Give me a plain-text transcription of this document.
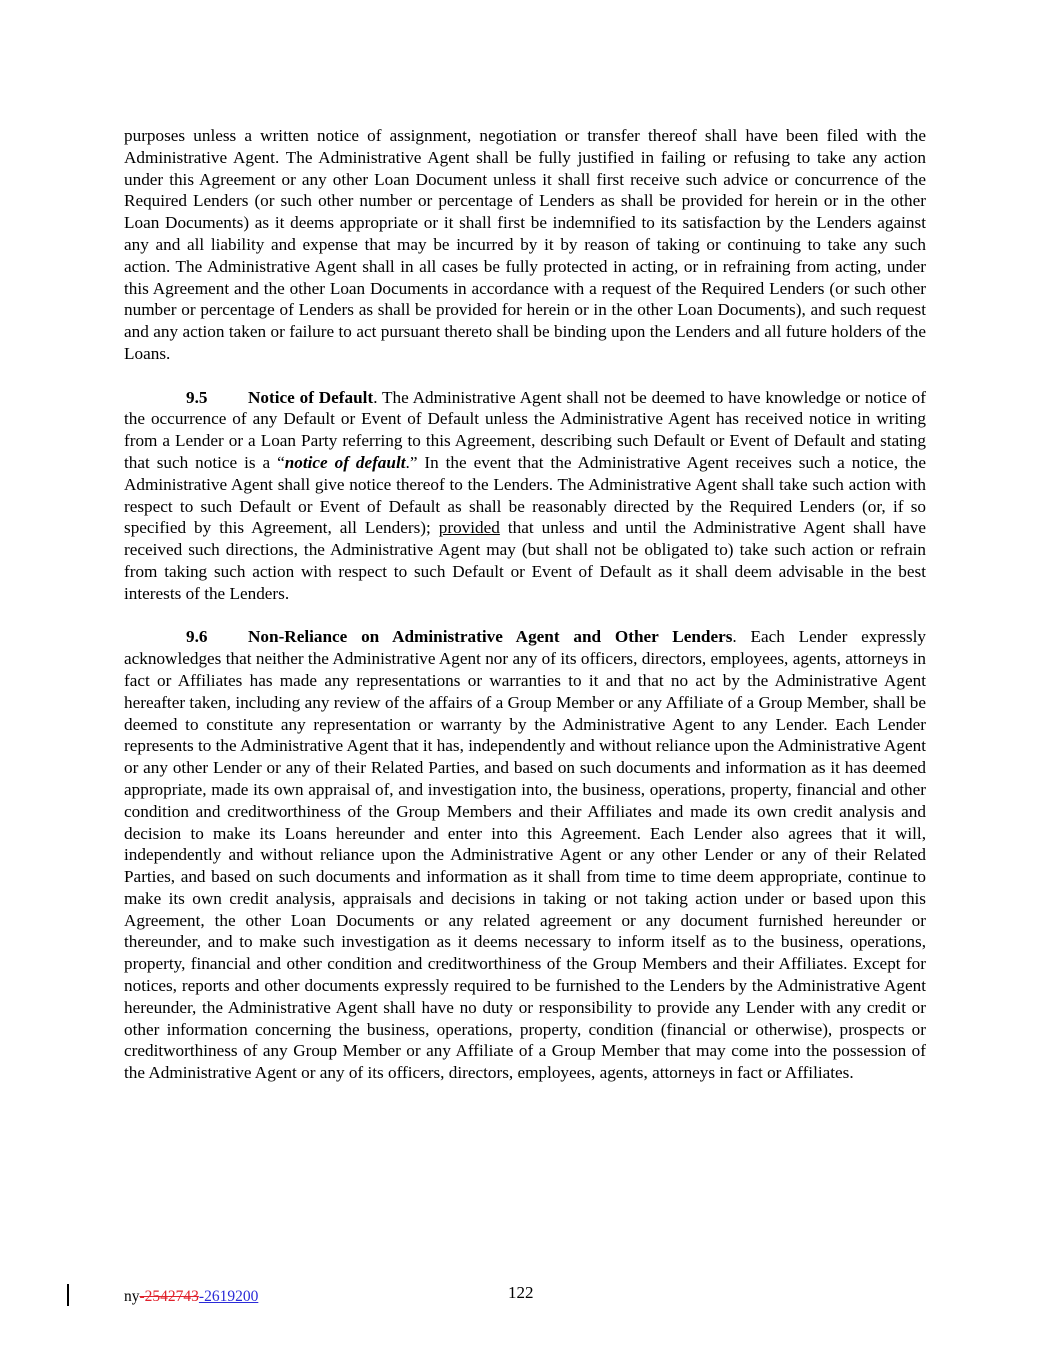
purposes unless a written notice of assignment, negotiation or transfer thereof shall have been filed with the Administrative Agent. The Administrative Agent shall be fully justified in failing or refusing to take any action under this Agreement or any other Loan Document unless it shall first receive such advice or concurrence of the Required Lenders (or such other number or percentage of Lenders as shall be provided for herein or in the other Loan Documents) as it deems appropriate or it shall first be indemnified to its satisfaction by the Lenders against any and all liability and expense that may be incurred by it by reason of taking or continuing to take any such action. The Administrative Agent shall in all cases be fully protected in acting, or in refraining from acting, under this Agreement and the other Loan Documents in accordance with a request of the Required Lenders (or such other number or percentage of Lenders as shall be provided for herein or in the other Loan Documents), and such request and any action taken or failure to act pursuant thereto shall be binding upon the Lenders and all future holders of the Loans.

9.5 Notice of Default. The Administrative Agent shall not be deemed to have knowledge or notice of the occurrence of any Default or Event of Default unless the Administrative Agent has received notice in writing from a Lender or a Loan Party referring to this Agreement, describing such Default or Event of Default and stating that such notice is a “notice of default.” In the event that the Administrative Agent receives such a notice, the Administrative Agent shall give notice thereof to the Lenders. The Administrative Agent shall take such action with respect to such Default or Event of Default as shall be reasonably directed by the Required Lenders (or, if so specified by this Agreement, all Lenders); provided that unless and until the Administrative Agent shall have received such directions, the Administrative Agent may (but shall not be obligated to) take such action or refrain from taking such action with respect to such Default or Event of Default as it shall deem advisable in the best interests of the Lenders.

9.6 Non-Reliance on Administrative Agent and Other Lenders. Each Lender expressly acknowledges that neither the Administrative Agent nor any of its officers, directors, employees, agents, attorneys in fact or Affiliates has made any representations or warranties to it and that no act by the Administrative Agent hereafter taken, including any review of the affairs of a Group Member or any Affiliate of a Group Member, shall be deemed to constitute any representation or warranty by the Administrative Agent to any Lender. Each Lender represents to the Administrative Agent that it has, independently and without reliance upon the Administrative Agent or any other Lender or any of their Related Parties, and based on such documents and information as it has deemed appropriate, made its own appraisal of, and investigation into, the business, operations, property, financial and other condition and creditworthiness of the Group Members and their Affiliates and made its own credit analysis and decision to make its Loans hereunder and enter into this Agreement. Each Lender also agrees that it will, independently and without reliance upon the Administrative Agent or any other Lender or any of their Related Parties, and based on such documents and information as it shall from time to time deem appropriate, continue to make its own credit analysis, appraisals and decisions in taking or not taking action under or based upon this Agreement, the other Loan Documents or any related agreement or any document furnished hereunder or thereunder, and to make such investigation as it deems necessary to inform itself as to the business, operations, property, financial and other condition and creditworthiness of the Group Members and their Affiliates. Except for notices, reports and other documents expressly required to be furnished to the Lenders by the Administrative Agent hereunder, the Administrative Agent shall have no duty or responsibility to provide any Lender with any credit or other information concerning the business, operations, property, condition (financial or otherwise), prospects or creditworthiness of any Group Member or any Affiliate of a Group Member that may come into the possession of the Administrative Agent or any of its officers, directors, employees, agents, attorneys in fact or Affiliates.

ny-2542743-2619200	122
